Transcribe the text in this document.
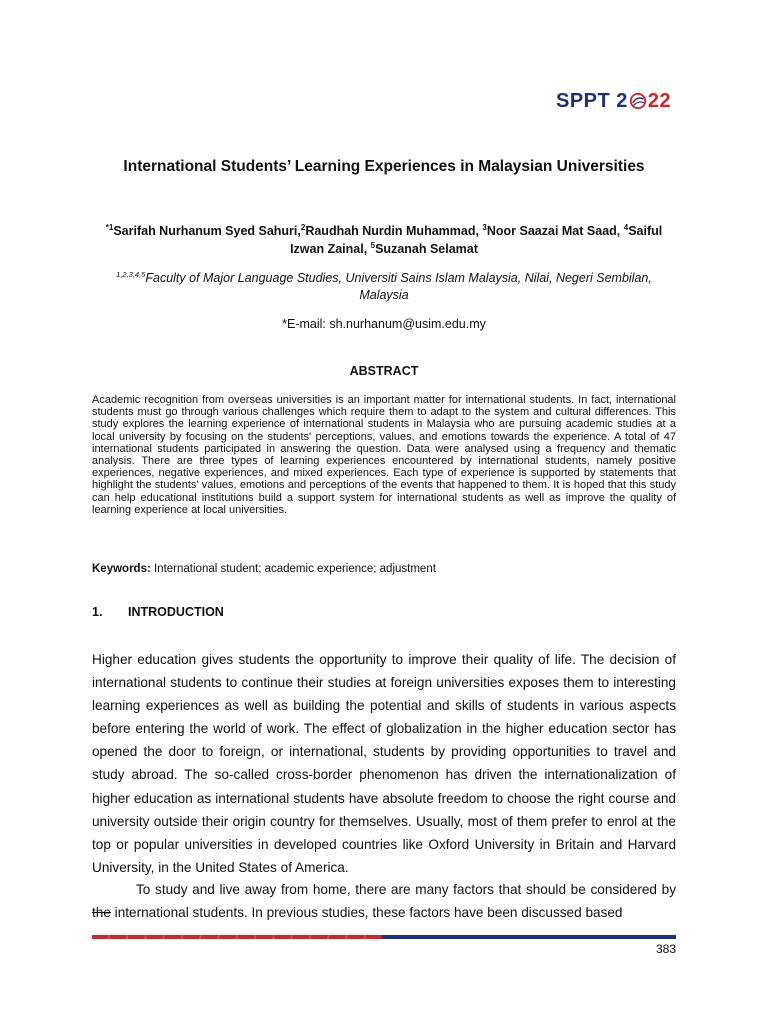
SPPT 2 22
International Students’ Learning Experiences in Malaysian Universities
$^{*1}$Sarifah Nurhanum Syed Sahuri,$^2$Raudhah Nurdin Muhammad, $^3$Noor Saazai Mat Saad, $^4$Saiful Izwan Zainal, $^5$Suzanah Selamat
$^{1,2,3,4,5}$Faculty of Major Language Studies, Universiti Sains Islam Malaysia, Nilai, Negeri Sembilan, Malaysia
*E-mail: sh.nurhanum@usim.edu.my
ABSTRACT
Academic recognition from overseas universities is an important matter for international students. In fact, international students must go through various challenges which require them to adapt to the system and cultural differences. This study explores the learning experience of international students in Malaysia who are pursuing academic studies at a local university by focusing on the students' perceptions, values, and emotions towards the experience. A total of 47 international students participated in answering the question. Data were analysed using a frequency and thematic analysis. There are three types of learning experiences encountered by international students, namely positive experiences, negative experiences, and mixed experiences. Each type of experience is supported by statements that highlight the students' values, emotions and perceptions of the events that happened to them. It is hoped that this study can help educational institutions build a support system for international students as well as improve the quality of learning experience at local universities.
Keywords: International student; academic experience; adjustment
1. INTRODUCTION
Higher education gives students the opportunity to improve their quality of life. The decision of international students to continue their studies at foreign universities exposes them to interesting learning experiences as well as building the potential and skills of students in various aspects before entering the world of work. The effect of globalization in the higher education sector has opened the door to foreign, or international, students by providing opportunities to travel and study abroad. The so-called cross-border phenomenon has driven the internationalization of higher education as international students have absolute freedom to choose the right course and university outside their origin country for themselves. Usually, most of them prefer to enrol at the top or popular universities in developed countries like Oxford University in Britain and Harvard University, in the United States of America.
To study and live away from home, there are many factors that should be considered by the international students. In previous studies, these factors have been discussed based
383
